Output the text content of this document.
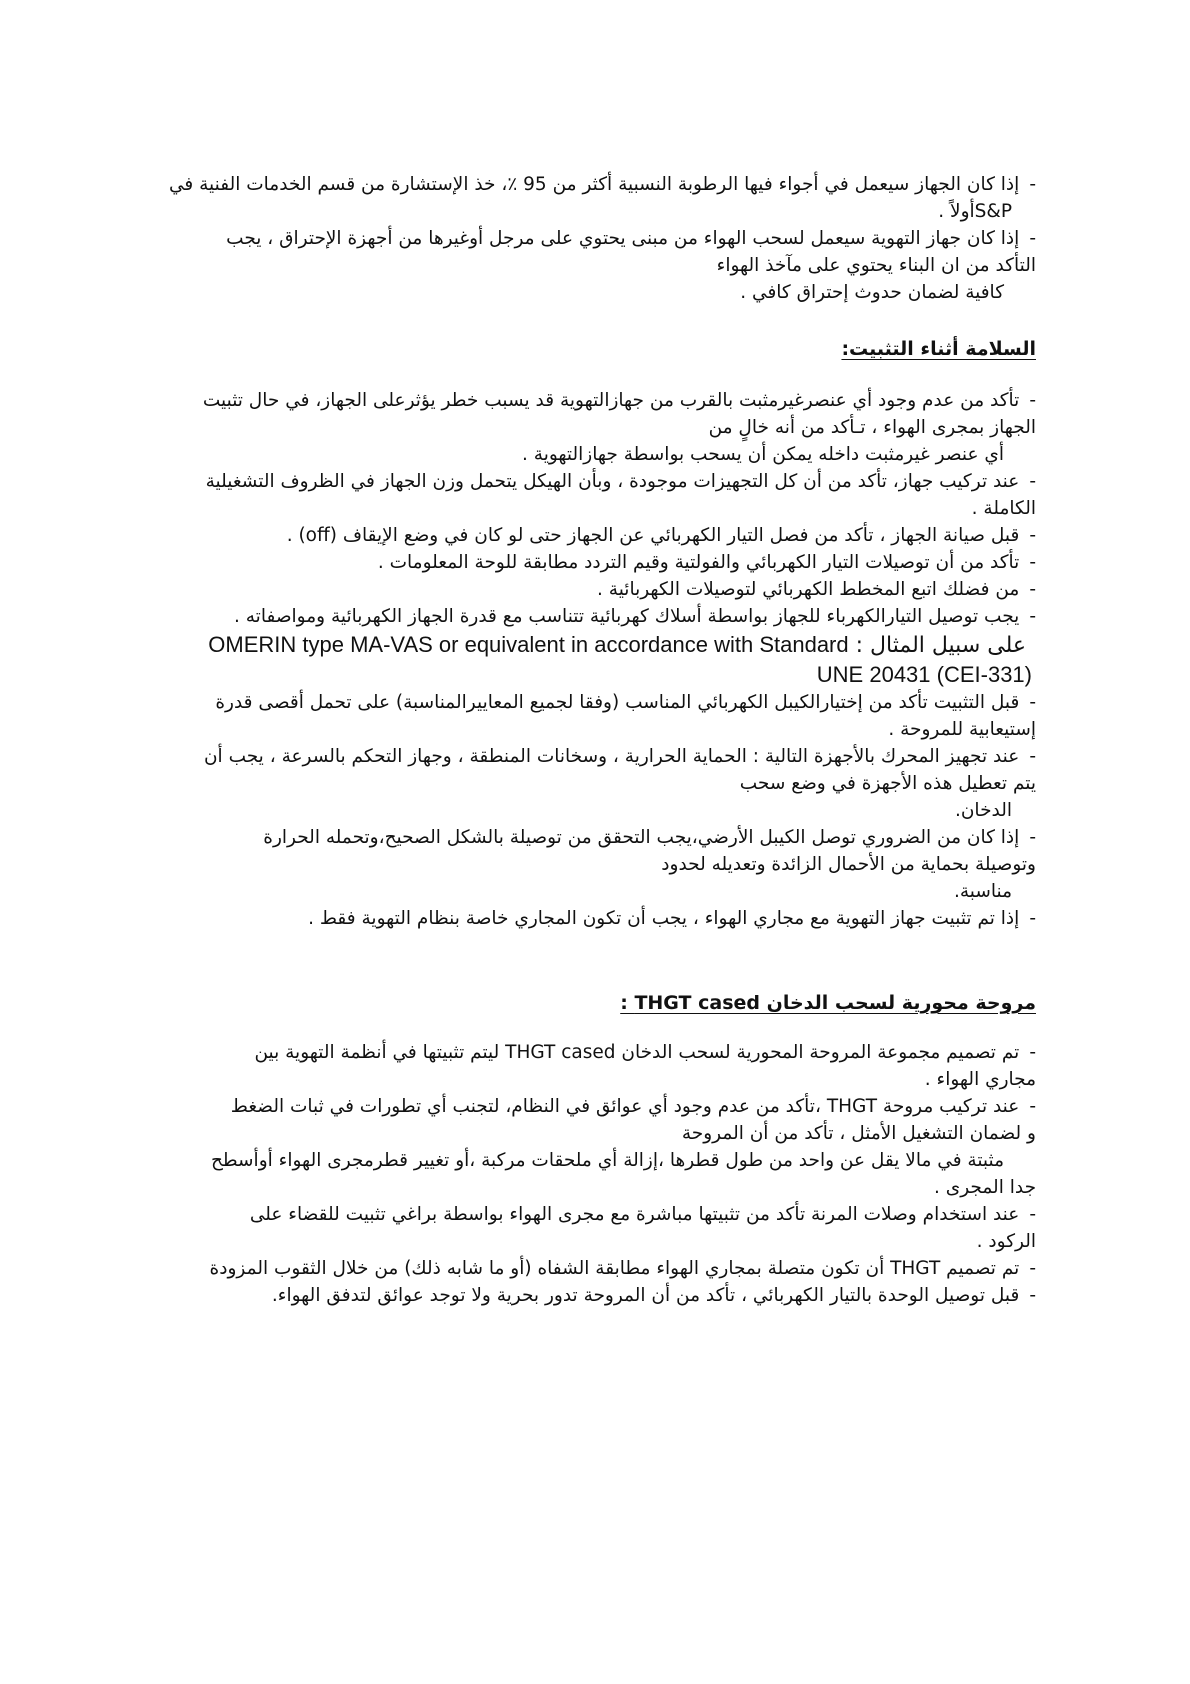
-إذا كان الجهاز سيعمل في أجواء فيها الرطوبة النسبية أكثر من 95 ٪، خذ الإستشارة من قسم الخدمات الفنية في
S&Pأولاً .
-إذا كان جهاز التهوية سيعمل لسحب الهواء من مبنى يحتوي على مرجل أوغيرها من أجهزة الإحتراق ، يجب
التأكد من ان البناء يحتوي على مآخذ الهواء
كافية لضمان حدوث إحتراق كافي .
السلامة أثناء التثبيت:
-تأكد من عدم وجود أي عنصرغيرمثبت بالقرب من جهازالتهوية قد يسبب خطر يؤثرعلى الجهاز، في حال تثبيت
الجهاز بمجرى الهواء ، تـأكد من أنه خالٍ من
أي عنصر غيرمثبت داخله يمكن أن يسحب بواسطة جهازالتهوية .
-عند تركيب جهاز، تأكد من أن كل التجهيزات موجودة ، وبأن الهيكل يتحمل وزن الجهاز في الظروف التشغيلية
الكاملة .
-قبل صيانة الجهاز ، تأكد من فصل التيار الكهربائي عن الجهاز حتى لو كان في وضع الإيقاف (off) .
-تأكد من أن توصيلات التيار الكهربائي والفولتية وقيم التردد مطابقة للوحة المعلومات .
-من فضلك اتبع المخطط الكهربائي لتوصيلات الكهربائية .
-يجب توصيل التيارالكهرباء للجهاز بواسطة أسلاك كهربائية تتناسب مع قدرة الجهاز الكهربائية ومواصفاته .
على سبيل المثال : OMERIN type MA-VAS or equivalent in accordance with Standard
UNE 20431 (CEI-331)
-قبل التثبيت تأكد من إختيارالكيبل الكهربائي المناسب (وفقا لجميع المعاييرالمناسبة) على تحمل أقصى قدرة
إستيعابية للمروحة .
-عند تجهيز المحرك بالأجهزة التالية : الحماية الحرارية ، وسخانات المنطقة ، وجهاز التحكم بالسرعة ، يجب أن
يتم تعطيل هذه الأجهزة في وضع سحب
الدخان.
-إذا كان من الضروري توصل الكيبل الأرضي،يجب التحقق من توصيلة بالشكل الصحيح،وتحمله الحرارة
وتوصيلة بحماية من الأحمال الزائدة وتعديله لحدود
مناسبة.
-إذا تم تثبيت جهاز التهوية مع مجاري الهواء ، يجب أن تكون المجاري خاصة بنظام التهوية فقط .
مروحة محورية لسحب الدخان THGT cased :
-تم تصميم مجموعة المروحة المحورية لسحب الدخان THGT cased ليتم تثبيتها في أنظمة التهوية بين
مجاري الهواء .
-عند تركيب مروحة THGT ،تأكد من عدم وجود أي عوائق في النظام، لتجنب أي تطورات في ثبات الضغط
و لضمان التشغيل الأمثل ، تأكد من أن المروحة
مثبتة في مالا يقل عن واحد من طول قطرها ،إزالة أي ملحقات مركبة ،أو تغيير قطرمجرى الهواء أوأسطح
جدا المجرى .
-عند استخدام وصلات المرنة تأكد من تثبيتها مباشرة مع مجرى الهواء بواسطة براغي تثبيت للقضاء على
الركود .
-تم تصميم THGT أن تكون متصلة بمجاري الهواء مطابقة الشفاه (أو ما شابه ذلك) من خلال الثقوب المزودة
-قبل توصيل الوحدة بالتيار الكهربائي ، تأكد من أن المروحة تدور بحرية ولا توجد عوائق لتدفق الهواء.
